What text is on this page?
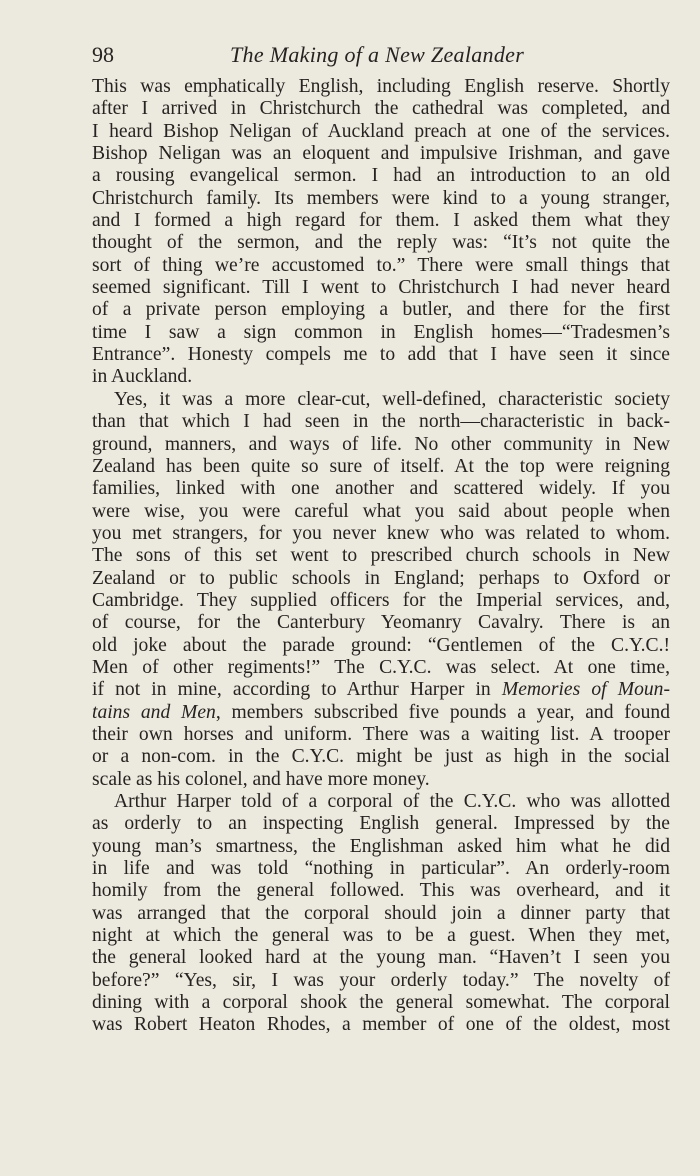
98	The Making of a New Zealander
This was emphatically English, including English reserve. Shortly
after I arrived in Christchurch the cathedral was completed, and
I heard Bishop Neligan of Auckland preach at one of the services.
Bishop Neligan was an eloquent and impulsive Irishman, and gave
a rousing evangelical sermon. I had an introduction to an old
Christchurch family. Its members were kind to a young stranger,
and I formed a high regard for them. I asked them what they
thought of the sermon, and the reply was: “It’s not quite the
sort of thing we’re accustomed to.” There were small things that
seemed significant. Till I went to Christchurch I had never heard
of a private person employing a butler, and there for the first
time I saw a sign common in English homes—“Tradesmen’s
Entrance”. Honesty compels me to add that I have seen it since
in Auckland.
Yes, it was a more clear-cut, well-defined, characteristic society
than that which I had seen in the north—characteristic in back-
ground, manners, and ways of life. No other community in New
Zealand has been quite so sure of itself. At the top were reigning
families, linked with one another and scattered widely. If you
were wise, you were careful what you said about people when
you met strangers, for you never knew who was related to whom.
The sons of this set went to prescribed church schools in New
Zealand or to public schools in England; perhaps to Oxford or
Cambridge. They supplied officers for the Imperial services, and,
of course, for the Canterbury Yeomanry Cavalry. There is an
old joke about the parade ground: “Gentlemen of the C.Y.C.!
Men of other regiments!” The C.Y.C. was select. At one time,
if not in mine, according to Arthur Harper in Memories of Moun-
tains and Men, members subscribed five pounds a year, and found
their own horses and uniform. There was a waiting list. A trooper
or a non-com. in the C.Y.C. might be just as high in the social
scale as his colonel, and have more money.
Arthur Harper told of a corporal of the C.Y.C. who was allotted
as orderly to an inspecting English general. Impressed by the
young man’s smartness, the Englishman asked him what he did
in life and was told “nothing in particular”. An orderly-room
homily from the general followed. This was overheard, and it
was arranged that the corporal should join a dinner party that
night at which the general was to be a guest. When they met,
the general looked hard at the young man. “Haven’t I seen you
before?” “Yes, sir, I was your orderly today.” The novelty of
dining with a corporal shook the general somewhat. The corporal
was Robert Heaton Rhodes, a member of one of the oldest, most
